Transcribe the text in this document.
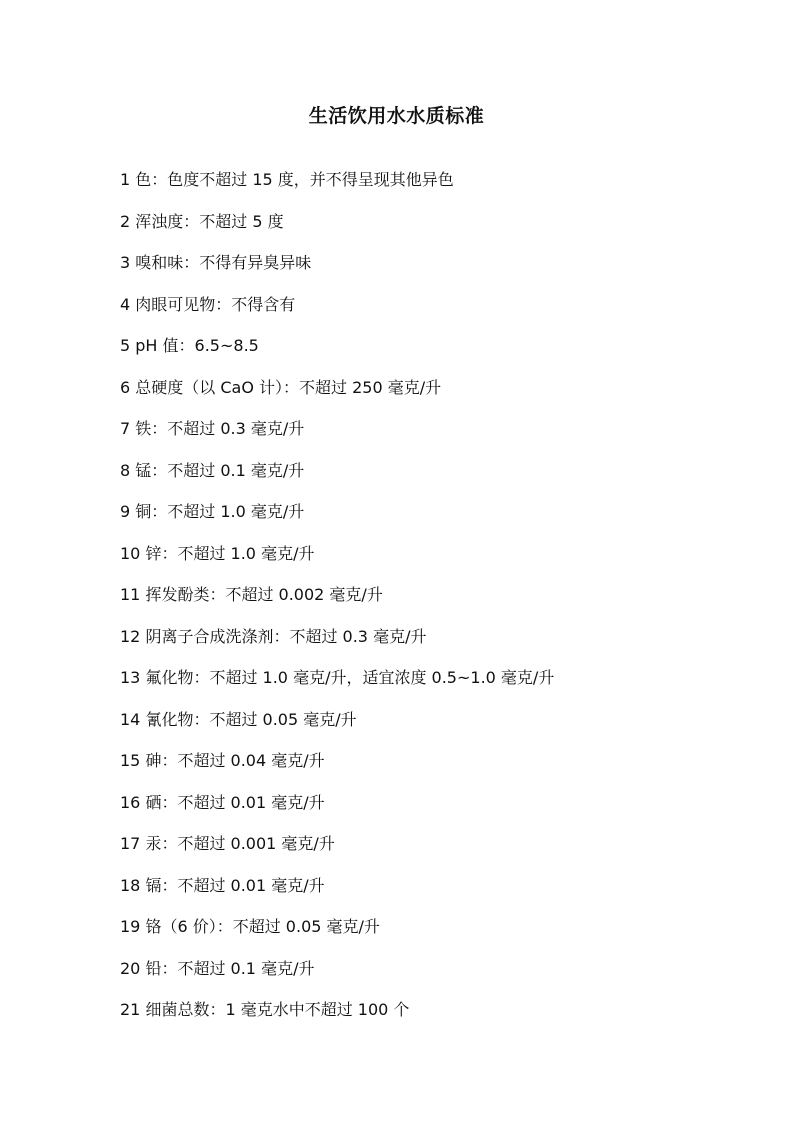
生活饮用水水质标准
1 色：色度不超过 15 度，并不得呈现其他异色
2 浑浊度：不超过 5 度
3 嗅和味：不得有异臭异味
4 肉眼可见物：不得含有
5 pH 值：6.5~8.5
6 总硬度（以 CaO 计）：不超过 250 毫克/升
7 铁：不超过 0.3 毫克/升
8 锰：不超过 0.1 毫克/升
9 铜：不超过 1.0 毫克/升
10 锌：不超过 1.0 毫克/升
11 挥发酚类：不超过 0.002 毫克/升
12 阴离子合成洗涤剂：不超过 0.3 毫克/升
13 氟化物：不超过 1.0 毫克/升，适宜浓度 0.5~1.0 毫克/升
14 氰化物：不超过 0.05 毫克/升
15 砷：不超过 0.04 毫克/升
16 硒：不超过 0.01 毫克/升
17 汞：不超过 0.001 毫克/升
18 镉：不超过 0.01 毫克/升
19 铬（6 价）：不超过 0.05 毫克/升
20 铅：不超过 0.1 毫克/升
21 细菌总数：1 毫克水中不超过 100 个
